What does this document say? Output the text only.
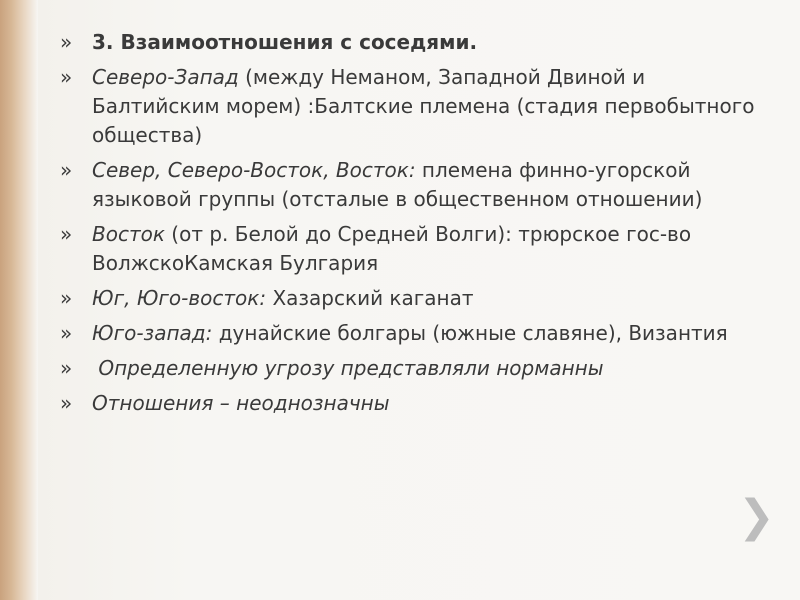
» 3. Взаимоотношения с соседями.
» Северо-Запад (между Неманом, Западной Двиной и Балтийским морем) :Балтские племена (стадия первобытного общества)
» Север, Северо-Восток, Восток: племена финно-угорской языковой группы (отсталые в общественном отношении)
» Восток (от р. Белой до Средней Волги): трюрское гос-во ВолжскоКамская Булгария
» Юг, Юго-восток: Хазарский каганат
» Юго-запад: дунайские болгары (южные славяне), Византия
» Определенную угрозу представляли норманны
» Отношения – неоднозначны
❯
